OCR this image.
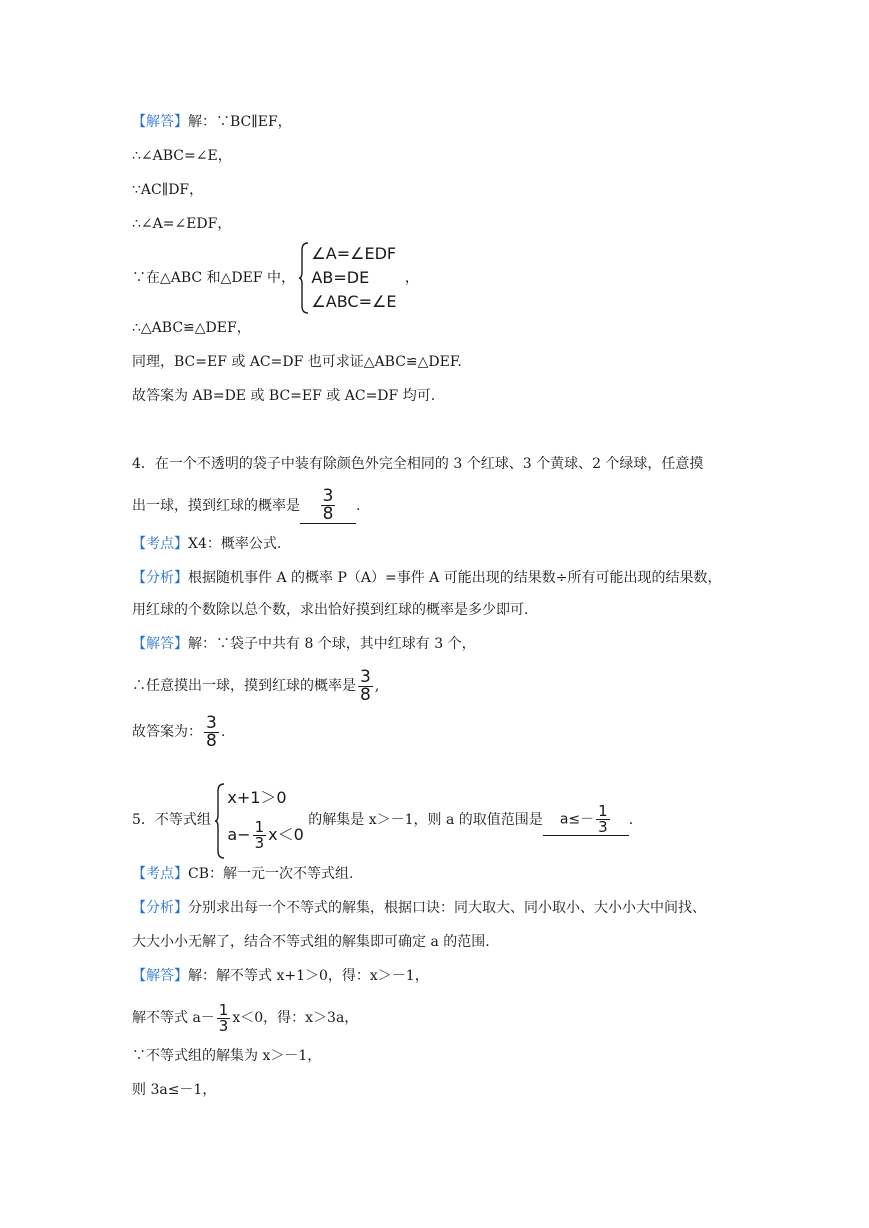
【解答】解：∵BC∥EF，
∴∠ABC=∠E，
∵AC∥DF，
∴∠A=∠EDF，
∵在△ABC 和△DEF 中，
∠A=∠EDF
AB=DE
∠ABC=∠E
，
∴△ABC≌△DEF，
同理，BC=EF 或 AC=DF 也可求证△ABC≌△DEF.
故答案为 AB=DE 或 BC=EF 或 AC=DF 均可.
4．在一个不透明的袋子中装有除颜色外完全相同的 3 个红球、3 个黄球、2 个绿球，任意摸
出一球，摸到红球的概率是 $\frac{3}{8}$ .
【考点】X4：概率公式.
【分析】根据随机事件 A 的概率 P（A）=事件 A 可能出现的结果数÷所有可能出现的结果数，
用红球的个数除以总个数，求出恰好摸到红球的概率是多少即可.
【解答】解：∵袋子中共有 8 个球，其中红球有 3 个，
∴任意摸出一球，摸到红球的概率是 $\frac{3}{8}$ ,
故答案为： $\frac{3}{8}$ .
5．不等式组
x+1＞0
$a- \frac{1}{3} x<0$
的解集是 x＞－1，则 a 的取值范围是 $a\le- \frac{1}{3}$ .
【考点】CB：解一元一次不等式组.
【分析】分别求出每一个不等式的解集，根据口诀：同大取大、同小取小、大小小大中间找、
大大小小无解了，结合不等式组的解集即可确定 a 的范围.
【解答】解：解不等式 x+1＞0，得：x＞－1，
解不等式 $a- \frac{1}{3} x<0$，得：x＞3a，
∵不等式组的解集为 x＞－1，
则 3a≤－1，
